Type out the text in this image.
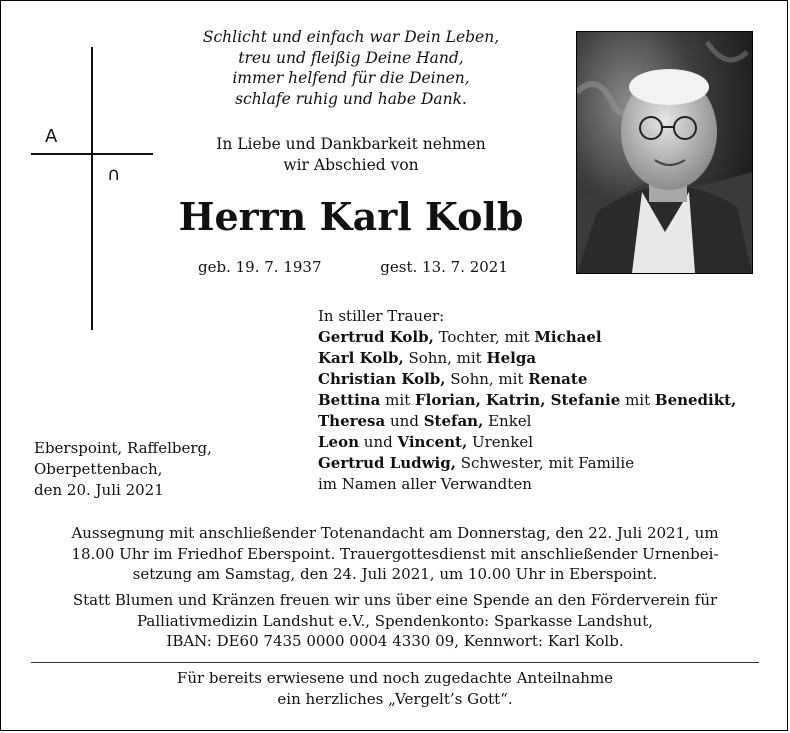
A
∩
Schlicht und einfach war Dein Leben,
treu und fleißig Deine Hand,
immer helfend für die Deinen,
schlafe ruhig und habe Dank.
In Liebe und Dankbarkeit nehmen
wir Abschied von
Herrn Karl Kolb
geb. 19. 7. 1937	gest. 13. 7. 2021
In stiller Trauer:
Gertrud Kolb, Tochter, mit Michael
Karl Kolb, Sohn, mit Helga
Christian Kolb, Sohn, mit Renate
Bettina mit Florian, Katrin, Stefanie mit Benedikt,
Theresa und Stefan, Enkel
Leon und Vincent, Urenkel
Gertrud Ludwig, Schwester, mit Familie
im Namen aller Verwandten
Eberspoint, Raffelberg,
Oberpettenbach,
den 20. Juli 2021
Aussegnung mit anschließender Totenandacht am Donnerstag, den 22. Juli 2021, um
18.00 Uhr im Friedhof Eberspoint. Trauergottesdienst mit anschließender Urnenbei-
setzung am Samstag, den 24. Juli 2021, um 10.00 Uhr in Eberspoint.
Statt Blumen und Kränzen freuen wir uns über eine Spende an den Förderverein für
Palliativmedizin Landshut e.V., Spendenkonto: Sparkasse Landshut,
IBAN: DE60 7435 0000 0004 4330 09, Kennwort: Karl Kolb.
Für bereits erwiesene und noch zugedachte Anteilnahme
ein herzliches „Vergelt’s Gott“.
